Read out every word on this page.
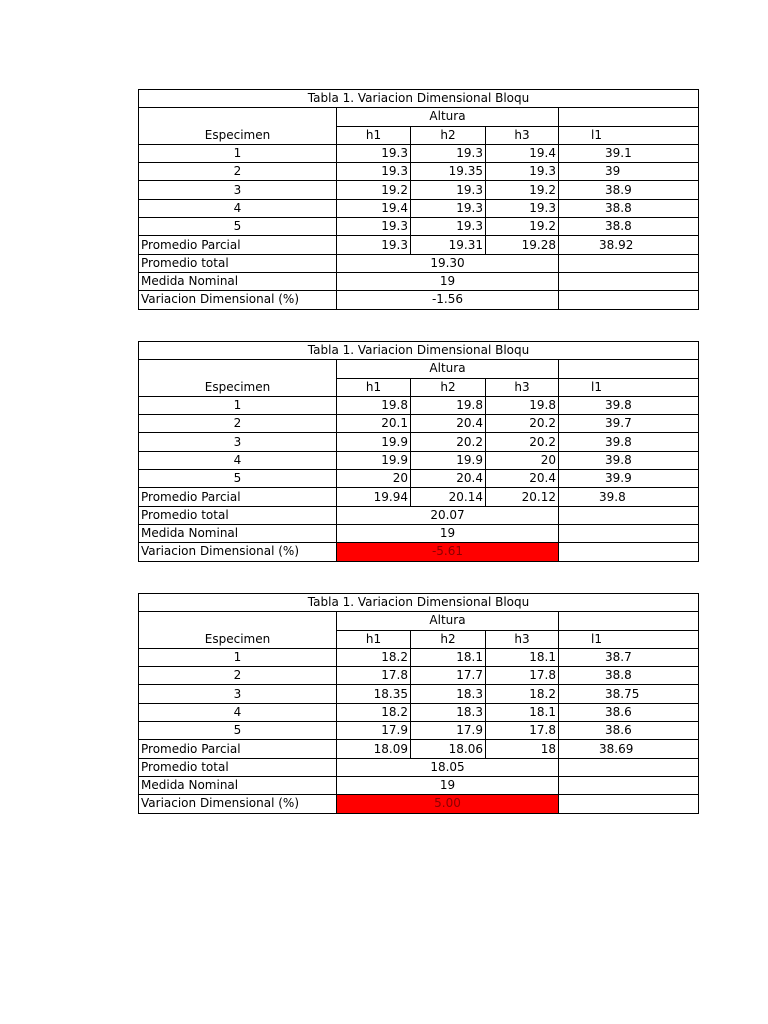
Tabla 1. Variacion Dimensional Bloqu				
Especimen	Altura			
	h1	h2	h3	l1
1	19.3	19.3	19.4	39.1
2	19.3	19.35	19.3	39
3	19.2	19.3	19.2	38.9
4	19.4	19.3	19.3	38.8
5	19.3	19.3	19.2	38.8
Promedio Parcial	19.3	19.31	19.28	38.92
Promedio total	19.30			
Medida Nominal	19			
Variacion Dimensional (%)	-1.56			
Tabla 1. Variacion Dimensional Bloqu				
Especimen	Altura			
	h1	h2	h3	l1
1	19.8	19.8	19.8	39.8
2	20.1	20.4	20.2	39.7
3	19.9	20.2	20.2	39.8
4	19.9	19.9	20	39.8
5	20	20.4	20.4	39.9
Promedio Parcial	19.94	20.14	20.12	39.8
Promedio total	20.07			
Medida Nominal	19			
Variacion Dimensional (%)	-5.61			
Tabla 1. Variacion Dimensional Bloqu				
Especimen	Altura			
	h1	h2	h3	l1
1	18.2	18.1	18.1	38.7
2	17.8	17.7	17.8	38.8
3	18.35	18.3	18.2	38.75
4	18.2	18.3	18.1	38.6
5	17.9	17.9	17.8	38.6
Promedio Parcial	18.09	18.06	18	38.69
Promedio total	18.05			
Medida Nominal	19			
Variacion Dimensional (%)	5.00			
